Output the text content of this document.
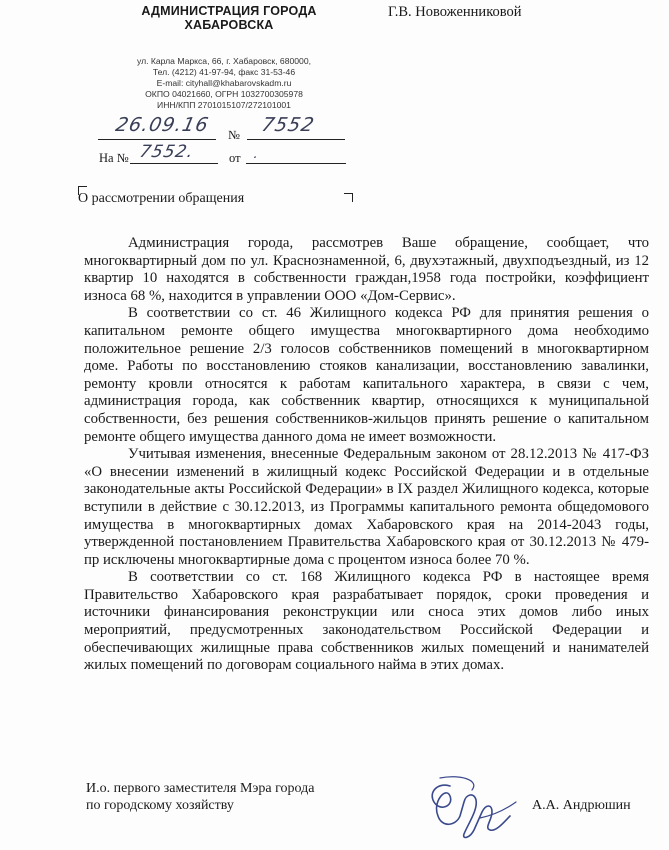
АДМИНИСТРАЦИЯ ГОРОДА
ХАБАРОВСКА
ул. Карла Маркса, 66, г. Хабаровск, 680000,
Тел. (4212) 41-97-94, факс 31-53-46
E-mail: cityhall@khabarovskadm.ru
ОКПО 04021660, ОГРН 1032700305978
ИНН/КПП 2701015107/272101001
Г.В. Новоженниковой
26.09.16 № 7552
На № 7552.	от .
О рассмотрении обращения

Администрация города, рассмотрев Ваше обращение, сообщает, что многоквартирный дом по ул. Краснознаменной, 6, двухэтажный, двухподъездный, из 12 квартир 10 находятся в собственности граждан,1958 года постройки, коэффициент износа 68 %, находится в управлении ООО «Дом-Сервис».

В соответствии со ст. 46 Жилищного кодекса РФ для принятия решения о капитальном ремонте общего имущества многоквартирного дома необходимо положительное решение 2/3 голосов собственников помещений в многоквартирном доме. Работы по восстановлению стояков канализации, восстановлению завалинки, ремонту кровли относятся к работам капитального характера, в связи с чем, администрация города, как собственник квартир, относящихся к муниципальной собственности, без решения собственников-жильцов принять решение о капитальном ремонте общего имущества данного дома не имеет возможности.

Учитывая изменения, внесенные Федеральным законом от 28.12.2013 № 417-ФЗ «О внесении изменений в жилищный кодекс Российской Федерации и в отдельные законодательные акты Российской Федерации» в IX раздел Жилищного кодекса, которые вступили в действие с 30.12.2013, из Программы капитального ремонта общедомового имущества в многоквартирных домах Хабаровского края на 2014-2043 годы, утвержденной постановлением Правительства Хабаровского края от 30.12.2013 № 479-пр исключены многоквартирные дома с процентом износа более 70 %.

В соответствии со ст. 168 Жилищного кодекса РФ в настоящее время Правительство Хабаровского края разрабатывает порядок, сроки проведения и источники финансирования реконструкции или сноса этих домов либо иных мероприятий, предусмотренных законодательством Российской Федерации и обеспечивающих жилищные права собственников жилых помещений и нанимателей жилых помещений по договорам социального найма в этих домах.

И.о. первого заместителя Мэра города
по городскому хозяйству	А.А. Андрюшин
